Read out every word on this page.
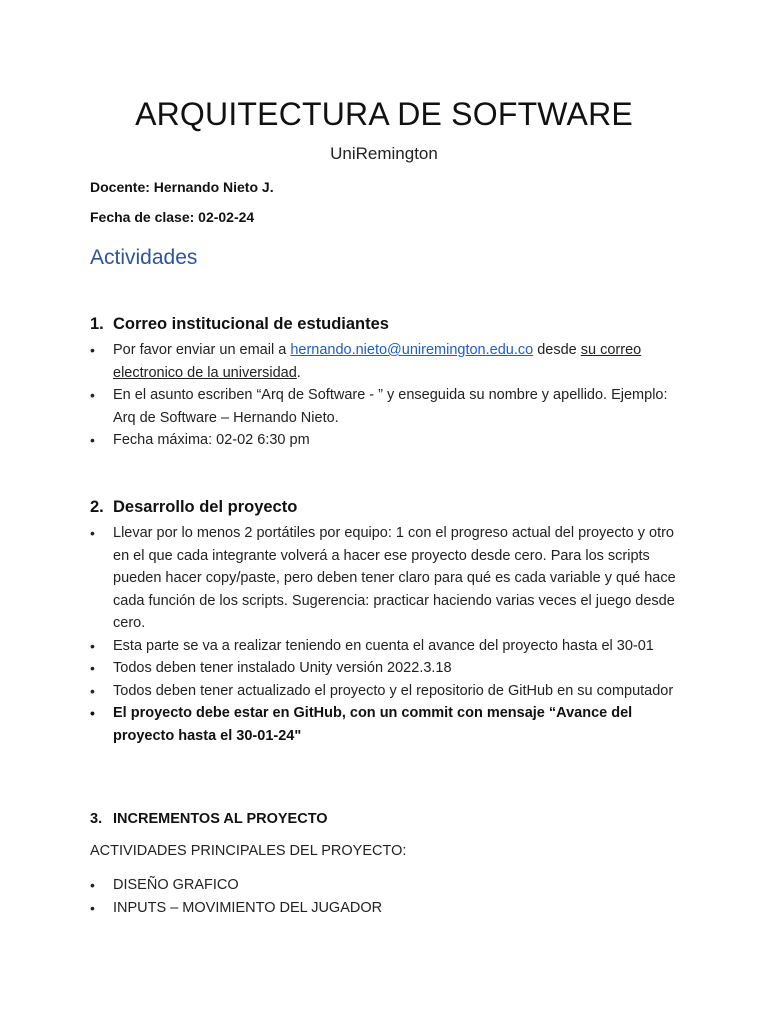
ARQUITECTURA DE SOFTWARE
UniRemington
Docente: Hernando Nieto J.
Fecha de clase: 02-02-24
Actividades
1. Correo institucional de estudiantes
•	Por favor enviar un email a hernando.nieto@uniremington.edu.co desde su correo electronico de la universidad.
•	En el asunto escriben “Arq de Software - ” y enseguida su nombre y apellido. Ejemplo: Arq de Software – Hernando Nieto.
•	Fecha máxima: 02-02 6:30 pm
2. Desarrollo del proyecto
•	Llevar por lo menos 2 portátiles por equipo: 1 con el progreso actual del proyecto y otro en el que cada integrante volverá a hacer ese proyecto desde cero. Para los scripts pueden hacer copy/paste, pero deben tener claro para qué es cada variable y qué hace cada función de los scripts. Sugerencia: practicar haciendo varias veces el juego desde cero.
•	Esta parte se va a realizar teniendo en cuenta el avance del proyecto hasta el 30-01
•	Todos deben tener instalado Unity versión 2022.3.18
•	Todos deben tener actualizado el proyecto y el repositorio de GitHub en su computador
•	El proyecto debe estar en GitHub, con un commit con mensaje “Avance del proyecto hasta el 30-01-24"
3. INCREMENTOS AL PROYECTO
ACTIVIDADES PRINCIPALES DEL PROYECTO:
•	DISEÑO GRAFICO
•	INPUTS – MOVIMIENTO DEL JUGADOR
